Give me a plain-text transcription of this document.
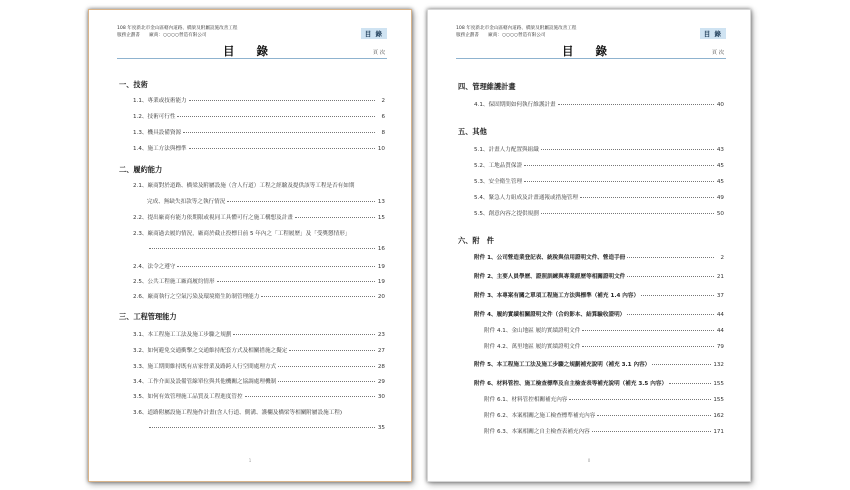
108 年度新北市金山區轄內道路、橋梁及附屬設施改善工程
服務企劃書　　廠商：○○○○營造有限公司	目 錄
目 錄	頁 次
一、技術
1.1、專業或技術能力	2
1.2、技術可行性	6
1.3、機具設備資源	8
1.4、施工方法與標準	10
二、履約能力
2.1、廠商對於道路、橋梁及附屬設施（含人行道）工程之經驗及提供該等工程是否有如期
完成、無缺失扣款等之執行情況	13
2.2、提出廠商有能力依期限或視同工具體可行之施工構想及計畫	15
2.3、廠商過去履約情況，廠商於截止投標日前 5 年內之「工程履歷」及「受獎懲情形」
16
2.4、法令之遵守	19
2.5、公共工程施工廠商履約情形	19
2.6、廠商執行之空氣污染及環境衛生防制管理能力	20
三、工程管理能力
3.1、本工程施工工法及施工步驟之規劃	23
3.2、如何避免交通衝擊之交通維持配套方式及相關措施之擬定	27
3.3、施工期間維持既有店家營業及路跨人行空間處理方式	28
3.4、工作介面及設備管線單位與其他機關之協調處理機制	29
3.5、如何有效管理施工品質及工程進度管控	30
3.6、道路附屬設施工程施作計畫(含人行道、側溝、護欄及橋梁等相關附屬設施工程)
35
1
108 年度新北市金山區轄內道路、橋梁及附屬設施改善工程
服務企劃書　　廠商：○○○○營造有限公司	目 錄
目 錄	頁 次
四、管理維護計畫
4.1、保固期間如何執行維護計畫	40
五、其他
5.1、計畫人力配置與組織	43
5.2、工地品質保證	45
5.3、安全衛生管理	45
5.4、緊急人力組成及計畫通報或措施管理	49
5.5、創意內容之提供規劃	50
六、附　件
附件 1、公司營造業登記表、統稅與信用證明文件、營造手冊	2
附件 2、主要人員學歷、證照訓練與專業經歷等相關證明文件	21
附件 3、本專案有關之單項工程施工方法與標準（補充 1.4 內容）	37
附件 4、履約實績相關證明文件（合約影本、結算驗收證明）	44
附件 4.1、金山地區 履約實績證明文件	44
附件 4.2、萬里地區 履約實績證明文件	79
附件 5、本工程施工工法及施工步驟之規劃補充說明（補充 3.1 內容）	132
附件 6、材料管控、施工檢查標準及自主檢查表等補充說明（補充 3.5 內容）	155
附件 6.1、材料管控相關補充內容	155
附件 6.2、本案相關之施工檢查標準補充內容	162
附件 6.3、本案相關之自主檢查表補充內容	171
0
